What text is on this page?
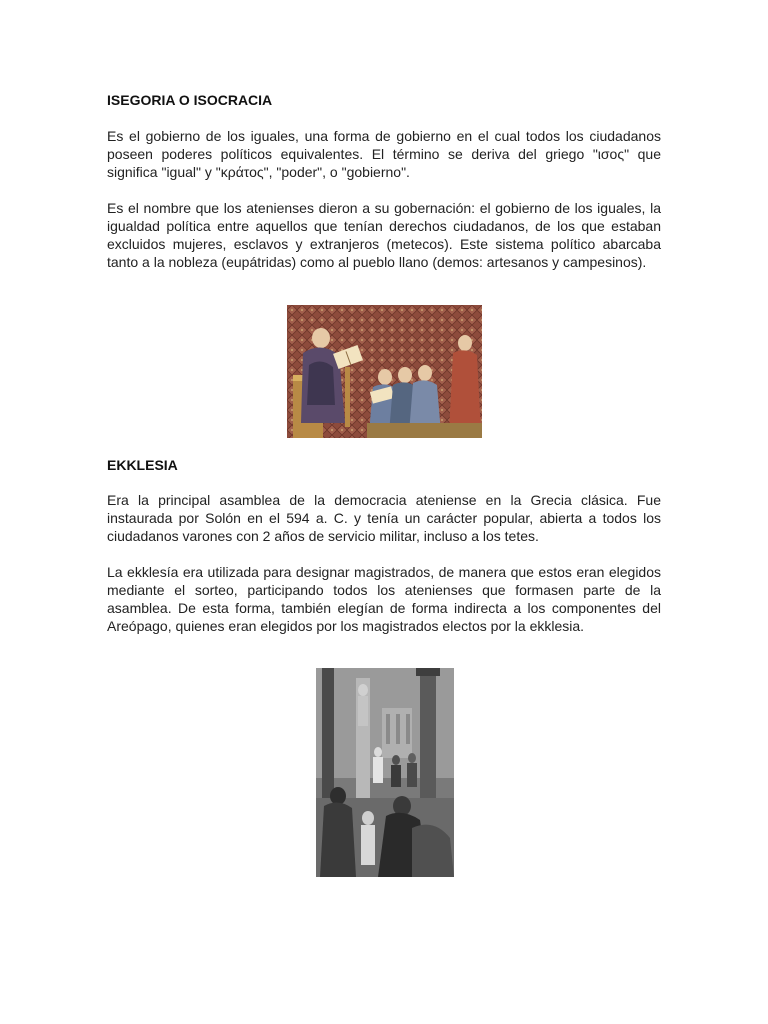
ISEGORIA O ISOCRACIA

Es el gobierno de los iguales, una forma de gobierno en el cual todos los ciudadanos poseen poderes políticos equivalentes. El término se deriva del griego "ισος" que significa "igual" y "κράτος", "poder", o "gobierno".

Es el nombre que los atenienses dieron a su gobernación: el gobierno de los iguales, la igualdad política entre aquellos que tenían derechos ciudadanos, de los que estaban excluidos mujeres, esclavos y extranjeros (metecos). Este sistema político abarcaba tanto a la nobleza (eupátridas) como al pueblo llano (demos: artesanos y campesinos).

EKKLESIA

Era la principal asamblea de la democracia ateniense en la Grecia clásica. Fue instaurada por Solón en el 594 a. C. y tenía un carácter popular, abierta a todos los ciudadanos varones con 2 años de servicio militar, incluso a los tetes.

La ekklesía era utilizada para designar magistrados, de manera que estos eran elegidos mediante el sorteo, participando todos los atenienses que formasen parte de la asamblea. De esta forma, también elegían de forma indirecta a los componentes del Areópago, quienes eran elegidos por los magistrados electos por la ekklesia.
